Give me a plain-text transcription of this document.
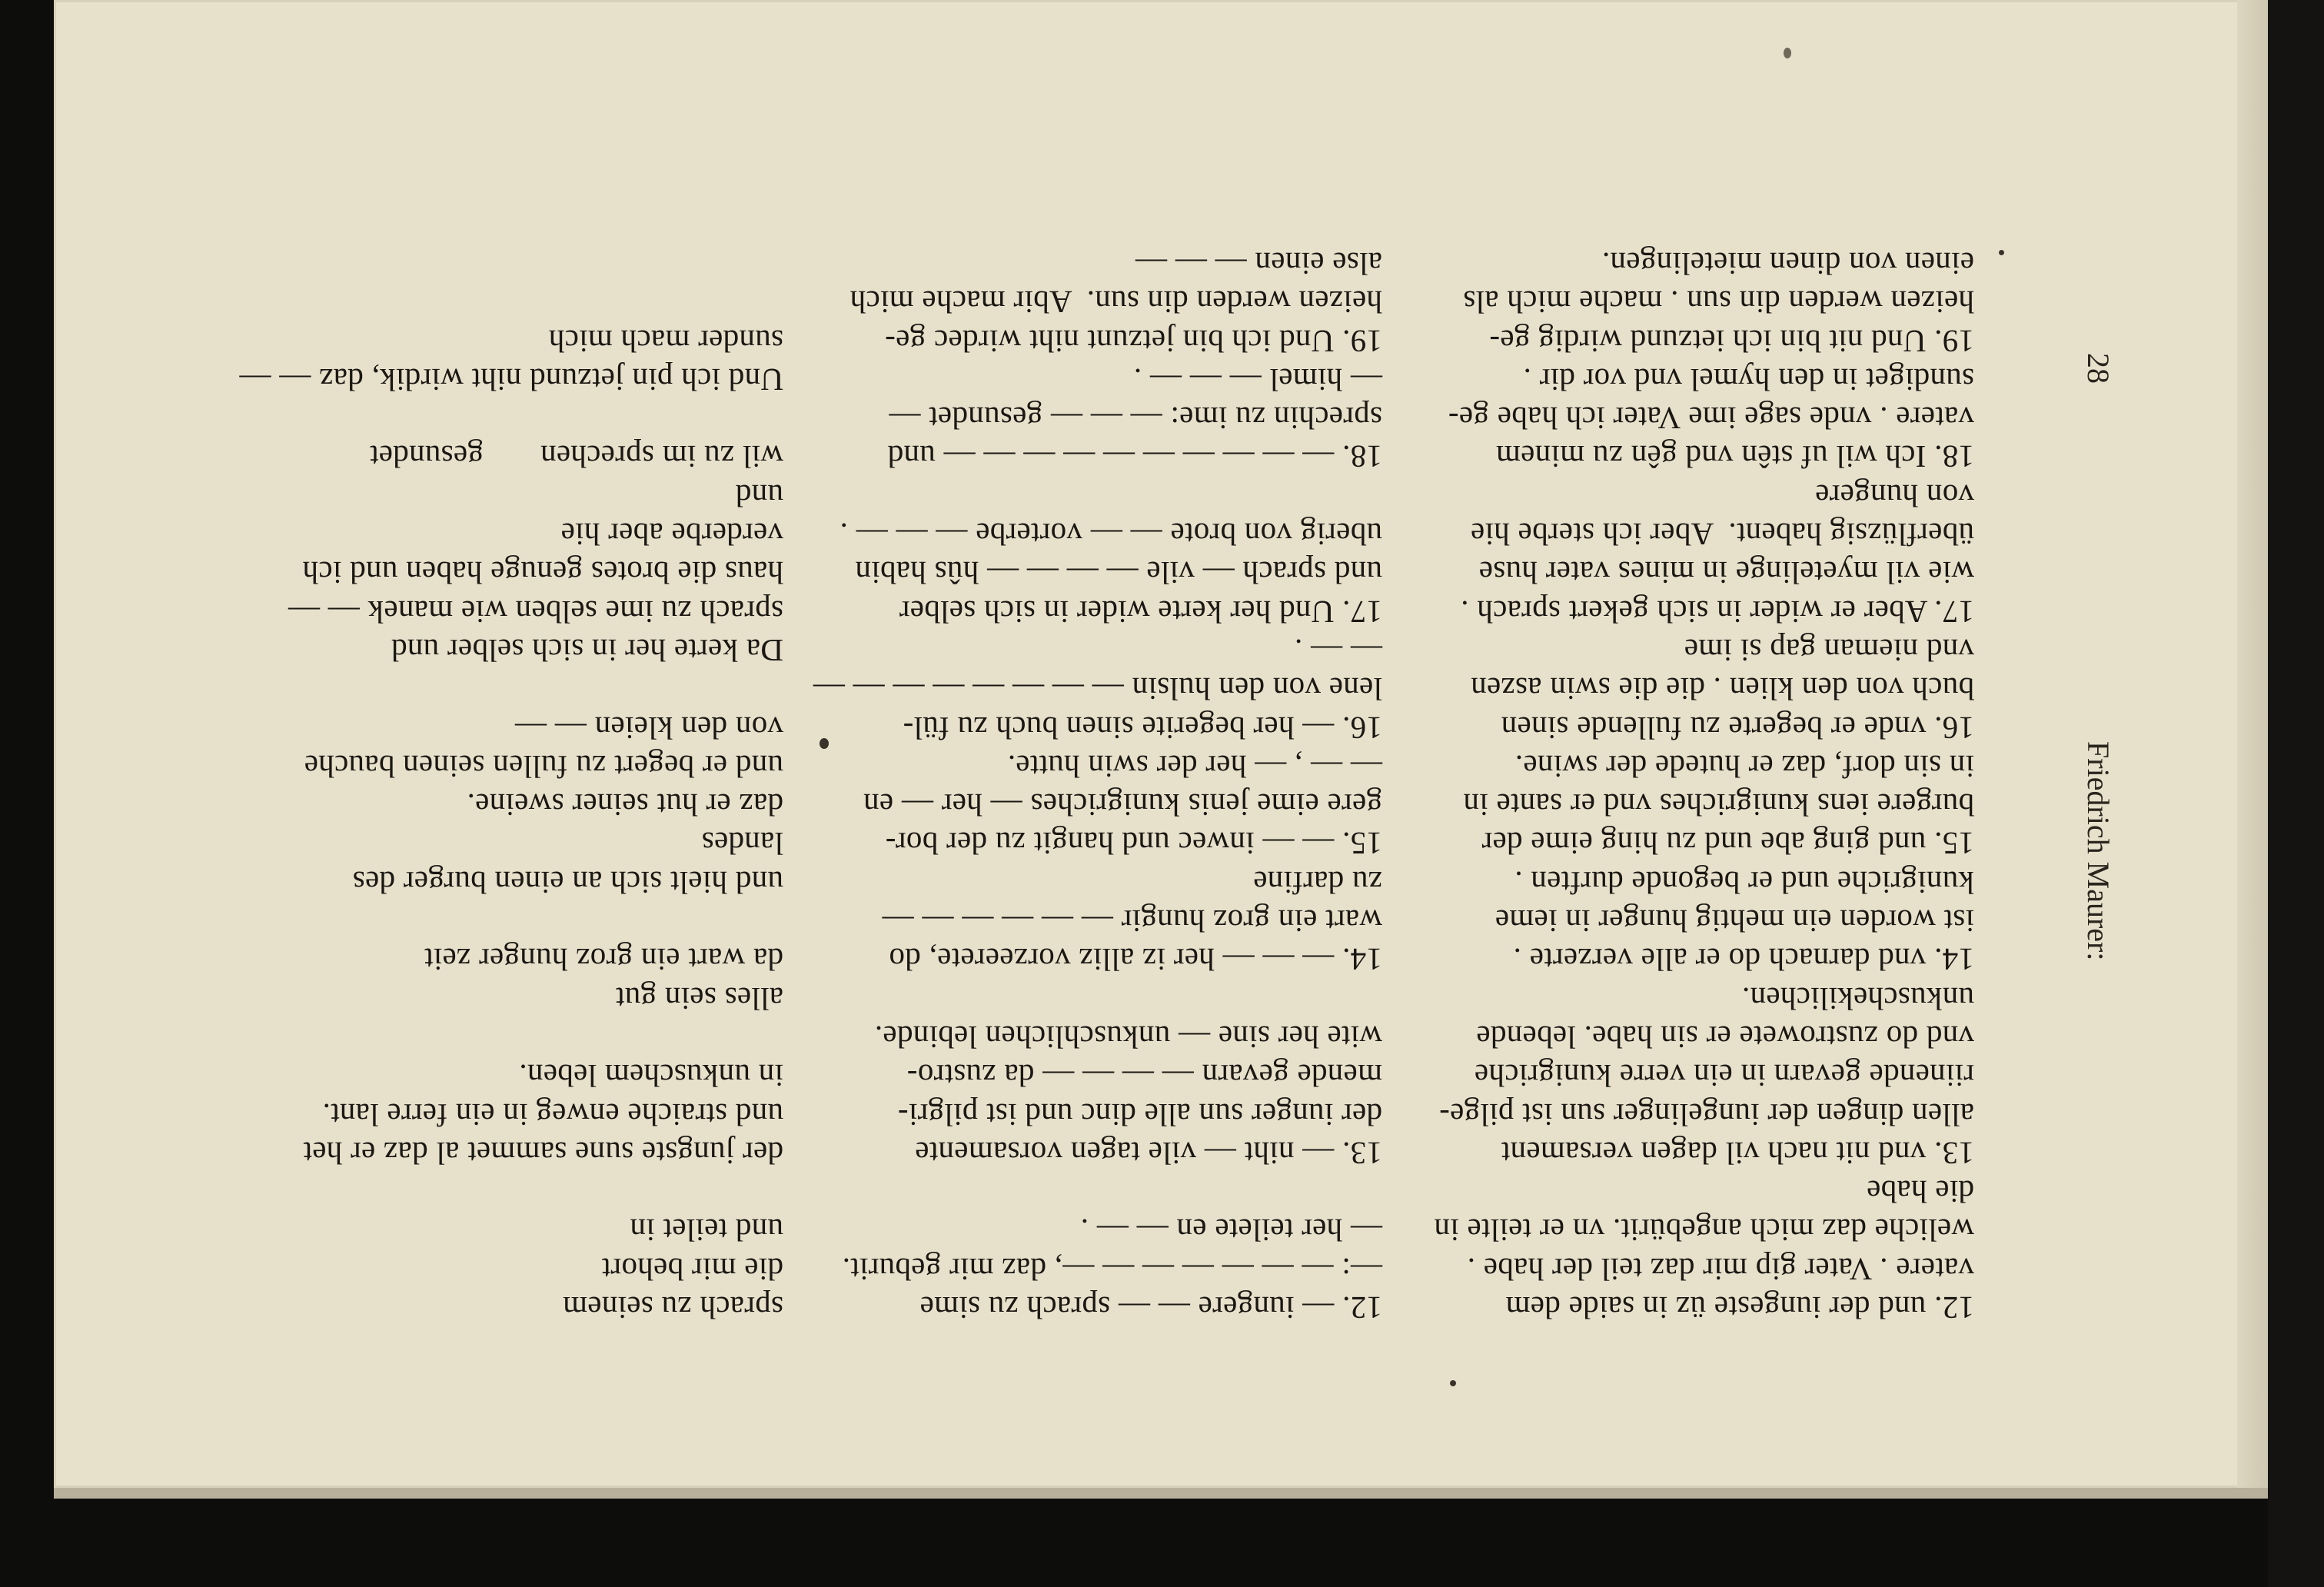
Friedrich Maurer:
28
12. und der iungeste üz in saide dem
vatere . Vater gip mir daz teil der habe .
weliche daz mich angebürit. vn er teilte in
die habe
13. vnd nit nach vil dagen versament
allen dingen der iungelinger sun ist pilge-
riinende gevarn in ein verre kunigriche
vnd do zustrowete er sin habe. lebende
unkuschekilichen.
14. vnd darnach do er alle verzerte .
ist worden ein mehtig hunger in ieme
kunigriche und er begonde durften .
15. und ging abe und zu hing eime der
burgere iens kunigriches vnd er sante in
in sin dorf, daz er hutede der swine.
16. vnde er begerte zu fullende sinen
buch von den klien . die die swin aszen
vnd nieman gap si ime
17. Aber er wider in sich gekert sprach .
wie vil myetelinge in mines vater huse
überflüzsig habent.  Aber ich sterbe hie
von hungere
18. Ich wil uf stên vnd gên zu minem
vatere . vnde sage ime Vater ich habe ge-
sundiget in den hymel vnd vor dir .
19. Und nit bin ich ietzund wirdig ge-
heizen werden din sun . mache mich als
einen von dinen mietelingen.
12. — iungere — — sprach zu sime
—: — — — — — — —, daz mir geburit.
— her teilete en — — .
13. — niht — vile tagen vorsamente
der iunger sun alle dinc und ist pilgri-
mende gevarn — — — — da zustro-
wite her sine — unkuschlichen lebinde.
14. — — — her iz alliz vorzeerete, do
wart ein groz hungir — — — — — —
zu darfine
15. — — inwec und hangit zu der bor-
gere eime jenis kunigriches — her — en
— — , — her der swin hutte.
16. — her begerite sinen buch zu fül-
lene von den hulsin — — — — — — — —
— — .
17. Und her kerte wider in sich selber
und sprach — vile — — — — hûs habin
uberig von brote — — vorterbe — — — .
18. — — — — — — — — — — und
sprechin zu ime: — — — gesundet —
— himel — — — .
19. Und ich bin jetzunt niht wirdec ge-
heizen werden din sun.  Abir mache mich
alse einen — — —
sprach zu seinem
die mir behort
und teilet in
der jungste sune sammet al daz er het
und straiche enweg in ein ferre lant.
in unkuschem leben.
alles sein gut
da wart ein groz hunger zeit
und hielt sich an einen burger des
landes
daz er hut seiner sweine.
und er begert zu fullen seinen bauche
von den kleien — —
Da kerte her in sich selber und
sprach zu ime selben wie manek — —
haus die brotes genuge haben und ich
verderbe aber hie
und
wil zu im sprechen       gesundet
Und ich pin jetzund niht wirdik, daz — —
sunder mach mich
